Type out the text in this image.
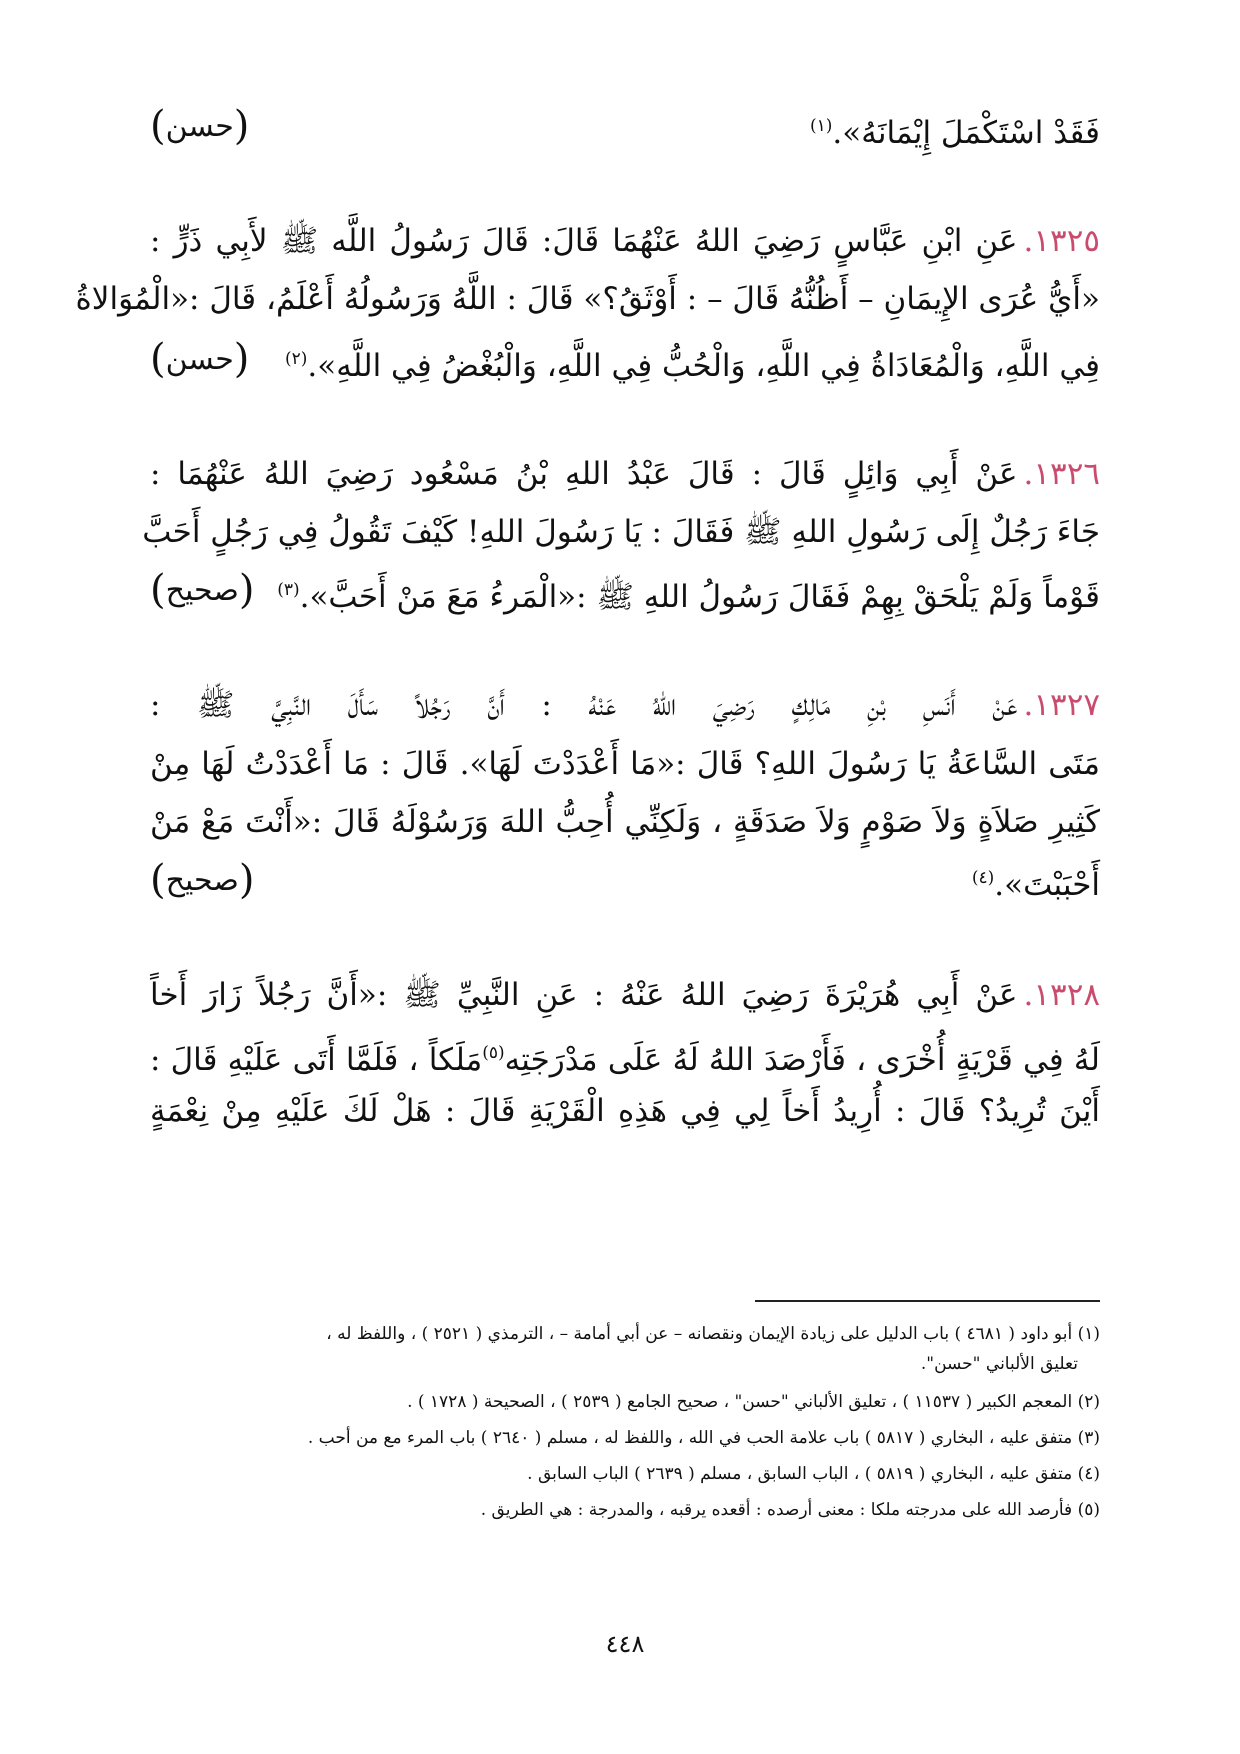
فَقَدْ اسْتَكْمَلَ إِيْمَانَهُ».$^{(١)}$
(حسن)
١٣٢٥.عَنِ ابْنِ عَبَّاسٍ رَضِيَ اللهُ عَنْهُمَا قَالَ: قَالَ رَسُولُ اللَّه ﷺ لأَبِي ذَرٍّ :
«أَيُّ عُرَى الإِيمَانِ – أَظُنُّهُ قَالَ – : أَوْثَقُ؟» قَالَ : اللَّهُ وَرَسُولُهُ أَعْلَمُ، قَالَ :«الْمُوَالاةُ
فِي اللَّهِ، وَالْمُعَادَاةُ فِي اللَّهِ، وَالْحُبُّ فِي اللَّهِ، وَالْبُغْضُ فِي اللَّهِ».$^{(٢)}$
(حسن)
١٣٢٦.عَنْ أَبِي وَائِلٍ قَالَ : قَالَ عَبْدُ اللهِ بْنُ مَسْعُود رَضِيَ اللهُ عَنْهُمَا :
جَاءَ رَجُلٌ إِلَى رَسُولِ اللهِ ﷺ فَقَالَ : يَا رَسُولَ اللهِ! كَيْفَ تَقُولُ فِي رَجُلٍ أَحَبَّ
قَوْماً وَلَمْ يَلْحَقْ بِهِمْ فَقَالَ رَسُولُ اللهِ ﷺ :«الْمَرءُ مَعَ مَنْ أَحَبَّ».$^{(٣)}$
(صحيح)
١٣٢٧.عَنْ أَنَسِ بْنِ مَالِكٍ رَضِيَ اللهُ عَنْهُ : أَنَّ رَجُلاً سَأَلَ النَّبِيَّ ﷺ :
مَتَى السَّاعَةُ يَا رَسُولَ اللهِ؟ قَالَ :«مَا أَعْدَدْتَ لَهَا». قَالَ : مَا أَعْدَدْتُ لَهَا مِنْ
كَثِيرِ صَلاَةٍ وَلاَ صَوْمٍ وَلاَ صَدَقَةٍ ، وَلَكِنِّي أُحِبُّ اللهَ وَرَسُوْلَهُ قَالَ :«أَنْتَ مَعْ مَنْ
أَحْبَبْتَ».$^{(٤)}$
(صحيح)
١٣٢٨.عَنْ أَبِي هُرَيْرَةَ رَضِيَ اللهُ عَنْهُ : عَنِ النَّبِيِّ ﷺ :«أَنَّ رَجُلاً زَارَ أَخاً
لَهُ فِي قَرْيَةٍ أُخْرَى ، فَأَرْصَدَ اللهُ لَهُ عَلَى مَدْرَجَتِه$^{(٥)}$مَلَكاً ، فَلَمَّا أَتَى عَلَيْهِ قَالَ :
أَيْنَ تُرِيدُ؟ قَالَ : أُرِيدُ أَخاً لِي فِي هَذِهِ الْقَرْيَةِ قَالَ : هَلْ لَكَ عَلَيْهِ مِنْ نِعْمَةٍ
(١) أبو داود ( ٤٦٨١ ) باب الدليل على زيادة الإيمان ونقصانه – عن أبي أمامة – ، الترمذي ( ٢٥٢١ ) ، واللفظ له ،
تعليق الألباني "حسن".
(٢) المعجم الكبير ( ١١٥٣٧ ) ، تعليق الألباني "حسن" ، صحيح الجامع ( ٢٥٣٩ ) ، الصحيحة ( ١٧٢٨ ) .
(٣) متفق عليه ، البخاري ( ٥٨١٧ ) باب علامة الحب في الله ، واللفظ له ، مسلم ( ٢٦٤٠ ) باب المرء مع من أحب .
(٤) متفق عليه ، البخاري ( ٥٨١٩ ) ، الباب السابق ، مسلم ( ٢٦٣٩ ) الباب السابق .
(٥) فأرصد الله على مدرجته ملكا : معنى أرصده : أقعده يرقبه ، والمدرجة : هي الطريق .
٤٤٨
